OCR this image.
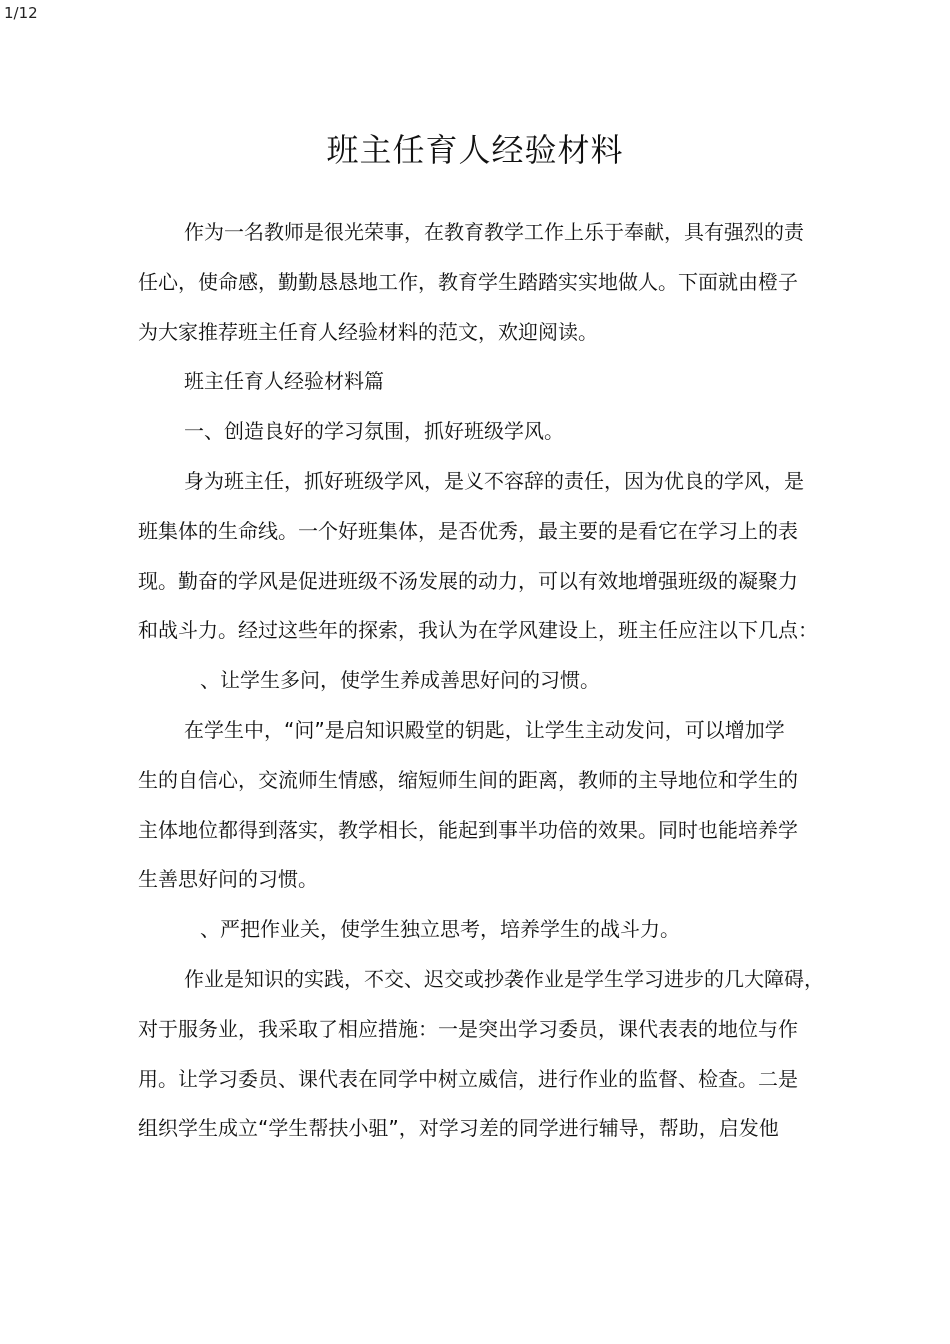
1/12
班主任育人经验材料
作为一名教师是很光荣事，在教育教学工作上乐于奉献，具有强烈的责
任心，使命感，勤勤恳恳地工作，教育学生踏踏实实地做人。下面就由橙子
为大家推荐班主任育人经验材料的范文，欢迎阅读。
班主任育人经验材料篇
一、创造良好的学习氛围，抓好班级学风。
身为班主任，抓好班级学风，是义不容辞的责任，因为优良的学风，是
班集体的生命线。一个好班集体，是否优秀，最主要的是看它在学习上的表
现。勤奋的学风是促进班级不汤发展的动力，可以有效地增强班级的凝聚力
和战斗力。经过这些年的探索，我认为在学风建设上，班主任应注以下几点：
、让学生多问，使学生养成善思好问的习惯。
在学生中，“问”是启知识殿堂的钥匙，让学生主动发问，可以增加学
生的自信心，交流师生情感，缩短师生间的距离，教师的主导地位和学生的
主体地位都得到落实，教学相长，能起到事半功倍的效果。同时也能培养学
生善思好问的习惯。
、严把作业关，使学生独立思考，培养学生的战斗力。
作业是知识的实践，不交、迟交或抄袭作业是学生学习进步的几大障碍，
对于服务业，我采取了相应措施：一是突出学习委员，课代表表的地位与作
用。让学习委员、课代表在同学中树立威信，进行作业的监督、检查。二是
组织学生成立“学生帮扶小驵”，对学习差的同学进行辅导，帮助，启发他
